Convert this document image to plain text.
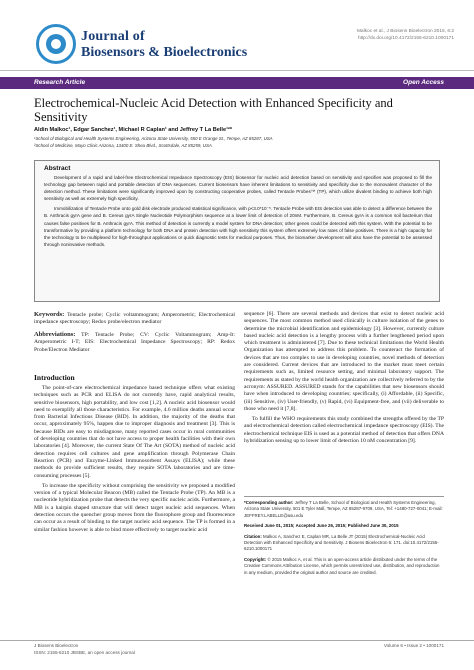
Journal of
Biosensors & Bioelectronics
Malkoc et al., J Biosens Bioelectron 2015, 6:2
http://dx.doi.org/10.4172/2155-6210.1000171
Research Article	Open Access
Electrochemical-Nucleic Acid Detection with Enhanced Specificity and Sensitivity
Aldin Malkoc¹, Edgar Sanchez¹, Michael R Caplan¹ and Jeffrey T La Belle¹²*
¹School of Biological and Health Systems Engineering, Arizona State University, 550 E Orange St., Tempe, AZ 85287, USA
²School of Medicine, Mayo Clinic Arizona, 13400 E. Shea Blvd., Scottsdale, AZ 85259, USA
Abstract

Development of a rapid and label-free Electrochemical Impedance Spectroscopy (EIS) biosensor for nucleic acid detection based on sensitivity and specifies was proposed to fill the technology gap between rapid and portable detection of DNA sequences. Current biosensors have inherent limitations to sensitivity and specificity due to the monovalent character of the detection method. These limitations were significantly improved upon by constructing cooperative probes, called Tentacle Probes™ (TP), which utilize divalent binding to achieve both high sensitivity as well as extremely high specificity.

Immobilization of Tentacle Probe onto gold disk electrode produced statistical significance, with p<3.0*10⁻⁵. Tentacle Probe with EIS detection was able to detect a difference between the B. Anthracis gyrA gene and B. Cereus gyrA Single Nucleotide Polymorphism sequence at a lower limit of detection of 20nM. Furthermore, B. Cereus gyrA is a common soil bacterium that causes false positives for B. Anthracis gyrA. This method of detection is currently a model system for DNA detection; other genes could be detected with this system. With the potential to be transformative by providing a platform technology for both DNA and protein detection with high sensitivity this system offers extremely low rates of false positives. There is a high capacity for the technology to be multiplexed for high-throughput applications or quick diagnostic tests for medical purposes. Thus, the biomarker development will also have the potential to be assessed through noninvasive methods.

Keywords: Tentacle probe; Cyclic voltammogram; Amperometric; Electrochemical impedance spectroscopy; Redox probe/electron mediator
Abbreviations: TP: Tentacle Probe; CV: Cyclic Voltammogram; Amp-It: Amperometric I-T; EIS: Electrochemical Impedance Spectroscopy; RP: Redox Probe/Electron Mediator
Introduction

The point-of-care electrochemical impedance based technique offers what existing techniques such as PCR and ELISA do not currently have, rapid analytical results, sensitive biosensors, high portability, and low cost [1,2]. A nucleic acid biosensor would need to exemplify all those characteristics. For example, 4.6 million deaths annual occur from Bacterial Infectious Disease (BID). In addition, the majority of the deaths that occur, approximately 95%, happen due to improper diagnosis and treatment [3]. This is because BIDs are easy to misdiagnose, many reported cases occur in rural communities of developing countries that do not have access to proper health facilities with their own laboratories [4]. Moreover, the current State Of The Art (SOTA) method of nucleic acid detection requires cell cultures and gene amplification through Polymerase Chain Reaction (PCR) and Enzyme-Linked Immunosorbent Assays (ELISA); while these methods do provide sufficient results, they require SOTA laboratories and are time-consuming processes [5].

To increase the specificity without comprising the sensitivity we proposed a modified version of a typical Molecular Beacon (MB) called the Tentacle Probe (TP). An MB is a nucleotide hybridization probe that detects the very specific nucleic acids. Furthermore, a MB is a hairpin shaped structure that will detect target nucleic acid sequences. When detection occurs the quencher group moves from the fluorophore group and fluorescence can occur as a result of binding to the target nucleic acid sequence. The TP is formed in a similar fashion however is able to bind more effectively to target nucleic acid

sequence [6]. There are several methods and devices that exist to detect nucleic acid sequences. The most common method used clinically is culture isolation of the genes to determine the microbial identification and epidemiology [3]. However, currently culture based nucleic acid detection is a lengthy process with a further lengthened period upon which treatment is administered [7]. Due to these technical limitations the World Health Organization has attempted to address this problem. To counteract the formation of devices that are too complex to use in developing countries, novel methods of detection are considered. Current devices that are introduced to the market must meet certain requirements such as, limited resource setting, and minimal laboratory support. The requirements as stated by the world health organization are collectively referred to by the acronym: ASSURED. ASSURED stands for the capabilities that new biosensors should have when introduced to developing countries; specifically, (i) Affordable, (ii) Specific, (iii) Sensitive, (iv) User-friendly, (v) Rapid, (vi) Equipment-free, and (vii) deliverable to those who need it [7,8].

To fulfill the WHO requirements this study combined the strengths offered by the TP and electrochemical detection called electrochemical impedance spectroscopy (EIS). The electrochemical technique EIS is used as a potential method of detection that offers DNA hybridization sensing up to lower limit of detection 10 nM concentration [9].

*Corresponding author: Jeffrey T La Belle, School of Biological and Health Systems Engineering, Arizona State University, 501 E Tyler Mall, Tempe, AZ 85287-9709, USA, Tel: +1480-727-0041; E-mail: JEFFREY.LABELLE@asu.edu

Received June 01, 2015; Accepted June 26, 2015; Published June 30, 2015

Citation: Malkoc A, Sanchez E, Caplan MR, La Belle JT (2015) Electrochemical-Nucleic Acid Detection with Enhanced Specificity and Sensitivity. J Biosens Bioelectron 6: 171. doi:10.4172/2155-6210.1000171

Copyright: © 2015 Malkoc A, et al. This is an open-access article distributed under the terms of the Creative Commons Attribution License, which permits unrestricted use, distribution, and reproduction in any medium, provided the original author and source are credited.

J Biosens Bioelectron
ISSN: 2155-6210 JBSBE, an open access journal
Volume 6 • Issue 2 • 1000171
